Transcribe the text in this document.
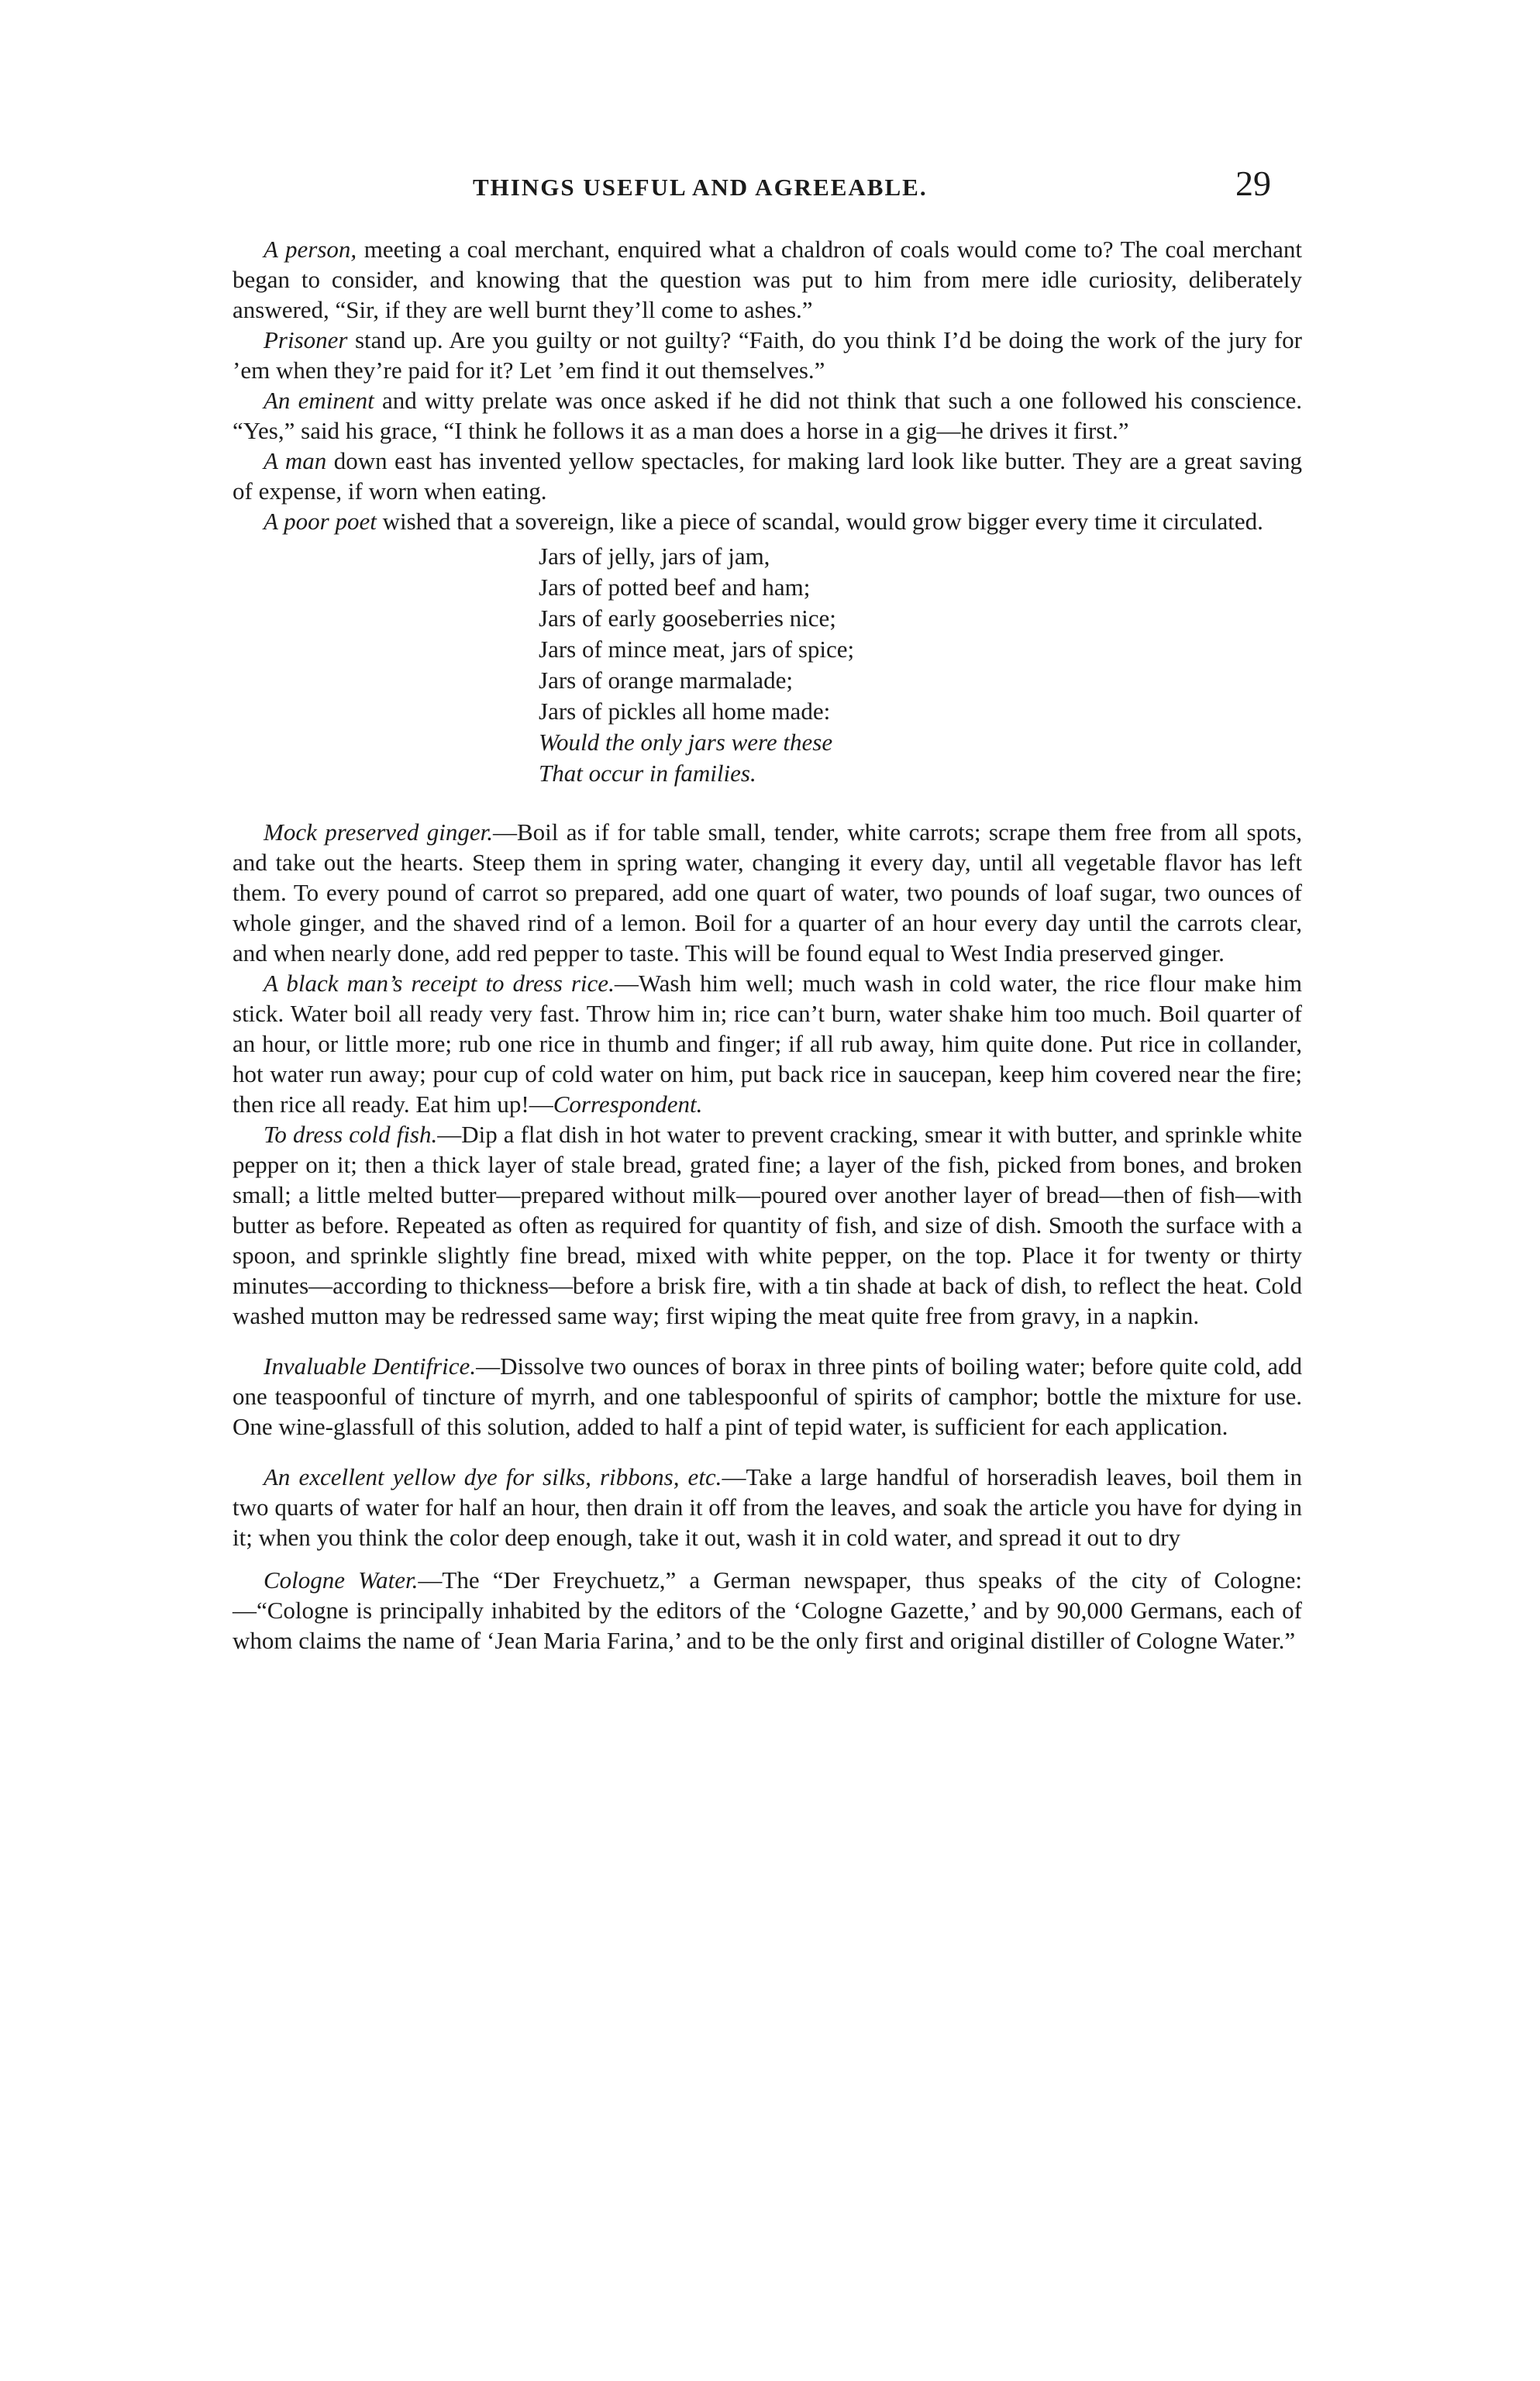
THINGS USEFUL AND AGREEABLE.	29

A person, meeting a coal merchant, enquired what a chaldron of coals would come to? The coal merchant began to consider, and knowing that the question was put to him from mere idle curiosity, deliberately answered, “Sir, if they are well burnt they’ll come to ashes.”

Prisoner stand up. Are you guilty or not guilty? “Faith, do you think I’d be doing the work of the jury for ’em when they’re paid for it? Let ’em find it out themselves.”

An eminent and witty prelate was once asked if he did not think that such a one followed his conscience. “Yes,” said his grace, “I think he follows it as a man does a horse in a gig—he drives it first.”

A man down east has invented yellow spectacles, for making lard look like butter. They are a great saving of expense, if worn when eating.

A poor poet wished that a sovereign, like a piece of scandal, would grow bigger every time it circulated.

Jars of jelly, jars of jam,
Jars of potted beef and ham;
Jars of early gooseberries nice;
Jars of mince meat, jars of spice;
Jars of orange marmalade;
Jars of pickles all home made:
Would the only jars were these
That occur in families.

Mock preserved ginger.—Boil as if for table small, tender, white carrots; scrape them free from all spots, and take out the hearts. Steep them in spring water, changing it every day, until all vegetable flavor has left them. To every pound of carrot so prepared, add one quart of water, two pounds of loaf sugar, two ounces of whole ginger, and the shaved rind of a lemon. Boil for a quarter of an hour every day until the carrots clear, and when nearly done, add red pepper to taste. This will be found equal to West India preserved ginger.

A black man’s receipt to dress rice.—Wash him well; much wash in cold water, the rice flour make him stick. Water boil all ready very fast. Throw him in; rice can’t burn, water shake him too much. Boil quarter of an hour, or little more; rub one rice in thumb and finger; if all rub away, him quite done. Put rice in collander, hot water run away; pour cup of cold water on him, put back rice in saucepan, keep him covered near the fire; then rice all ready. Eat him up!—Correspondent.

To dress cold fish.—Dip a flat dish in hot water to prevent cracking, smear it with butter, and sprinkle white pepper on it; then a thick layer of stale bread, grated fine; a layer of the fish, picked from bones, and broken small; a little melted butter—prepared without milk—poured over another layer of bread—then of fish—with butter as before. Repeated as often as required for quantity of fish, and size of dish. Smooth the surface with a spoon, and sprinkle slightly fine bread, mixed with white pepper, on the top. Place it for twenty or thirty minutes—according to thickness—before a brisk fire, with a tin shade at back of dish, to reflect the heat. Cold washed mutton may be redressed same way; first wiping the meat quite free from gravy, in a napkin.

Invaluable Dentifrice.—Dissolve two ounces of borax in three pints of boiling water; before quite cold, add one teaspoonful of tincture of myrrh, and one tablespoonful of spirits of camphor; bottle the mixture for use. One wine-glassfull of this solution, added to half a pint of tepid water, is sufficient for each application.

An excellent yellow dye for silks, ribbons, etc.—Take a large handful of horseradish leaves, boil them in two quarts of water for half an hour, then drain it off from the leaves, and soak the article you have for dying in it; when you think the color deep enough, take it out, wash it in cold water, and spread it out to dry

Cologne Water.—The “Der Freychuetz,” a German newspaper, thus speaks of the city of Cologne:—“Cologne is principally inhabited by the editors of the ‘Cologne Gazette,’ and by 90,000 Germans, each of whom claims the name of ‘Jean Maria Farina,’ and to be the only first and original distiller of Cologne Water.”
